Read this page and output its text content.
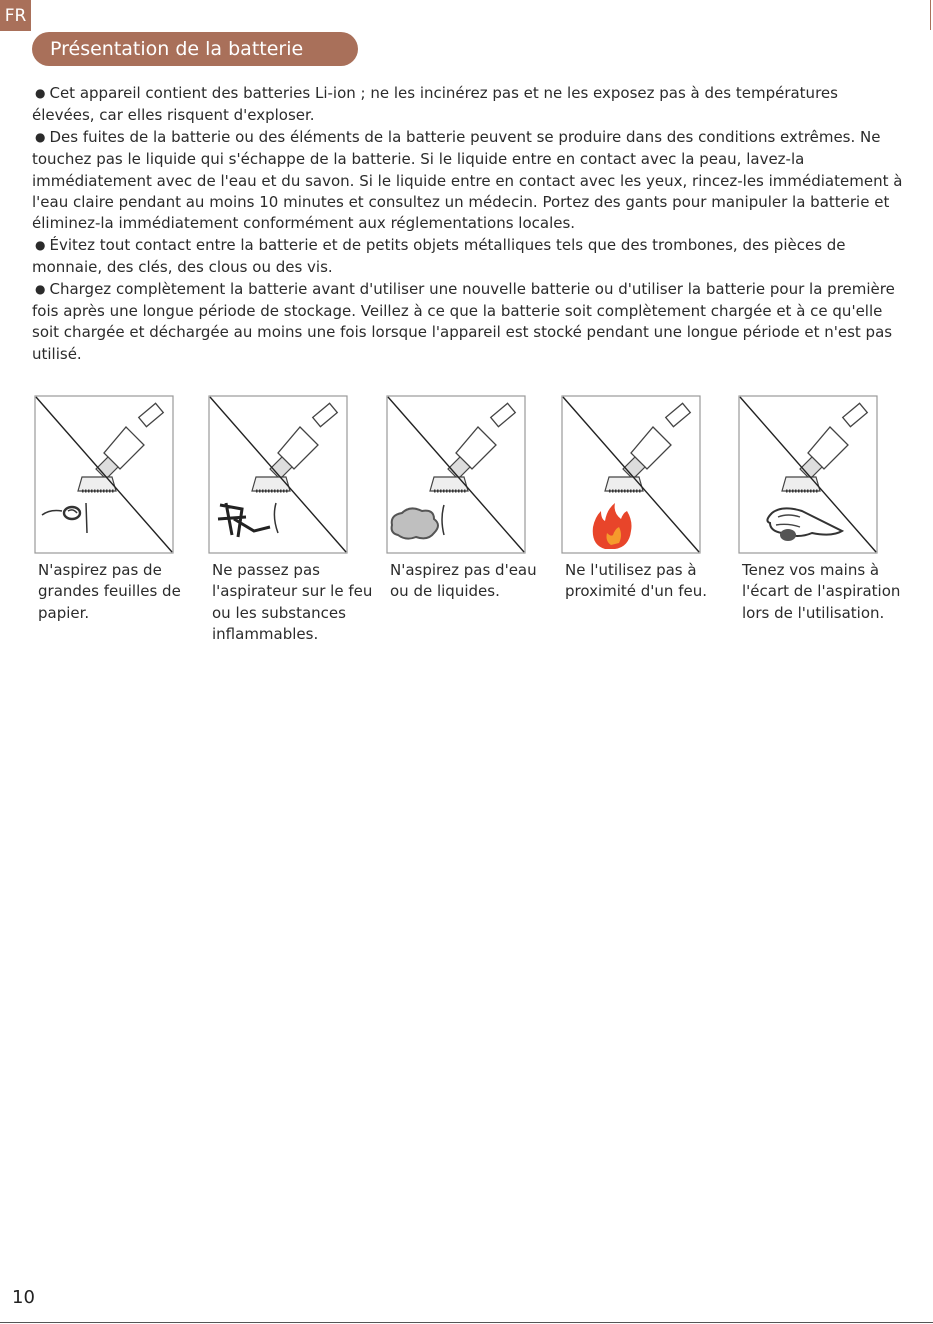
FR
Présentation de la batterie

● Cet appareil contient des batteries Li-ion ; ne les incinérez pas et ne les exposez pas à des températures élevées, car elles risquent d'exploser.

● Des fuites de la batterie ou des éléments de la batterie peuvent se produire dans des conditions extrêmes. Ne touchez pas le liquide qui s'échappe de la batterie. Si le liquide entre en contact avec la peau, lavez-la immédiatement avec de l'eau et du savon. Si le liquide entre en contact avec les yeux, rincez-les immédiatement à l'eau claire pendant au moins 10 minutes et consultez un médecin. Portez des gants pour manipuler la batterie et éliminez-la immédiatement conformément aux réglementations locales.

● Évitez tout contact entre la batterie et de petits objets métalliques tels que des trombones, des pièces de monnaie, des clés, des clous ou des vis.

● Chargez complètement la batterie avant d'utiliser une nouvelle batterie ou d'utiliser la batterie pour la première fois après une longue période de stockage. Veillez à ce que la batterie soit complètement chargée et à ce qu'elle soit chargée et déchargée au moins une fois lorsque l'appareil est stocké pendant une longue période et n'est pas utilisé.

N'aspirez pas de grandes feuilles de papier.
Ne passez pas l'aspirateur sur le feu ou les substances inflammables.
N'aspirez pas d'eau ou de liquides.
Ne l'utilisez pas à proximité d'un feu.
Tenez vos mains à l'écart de l'aspiration lors de l'utilisation.
10
